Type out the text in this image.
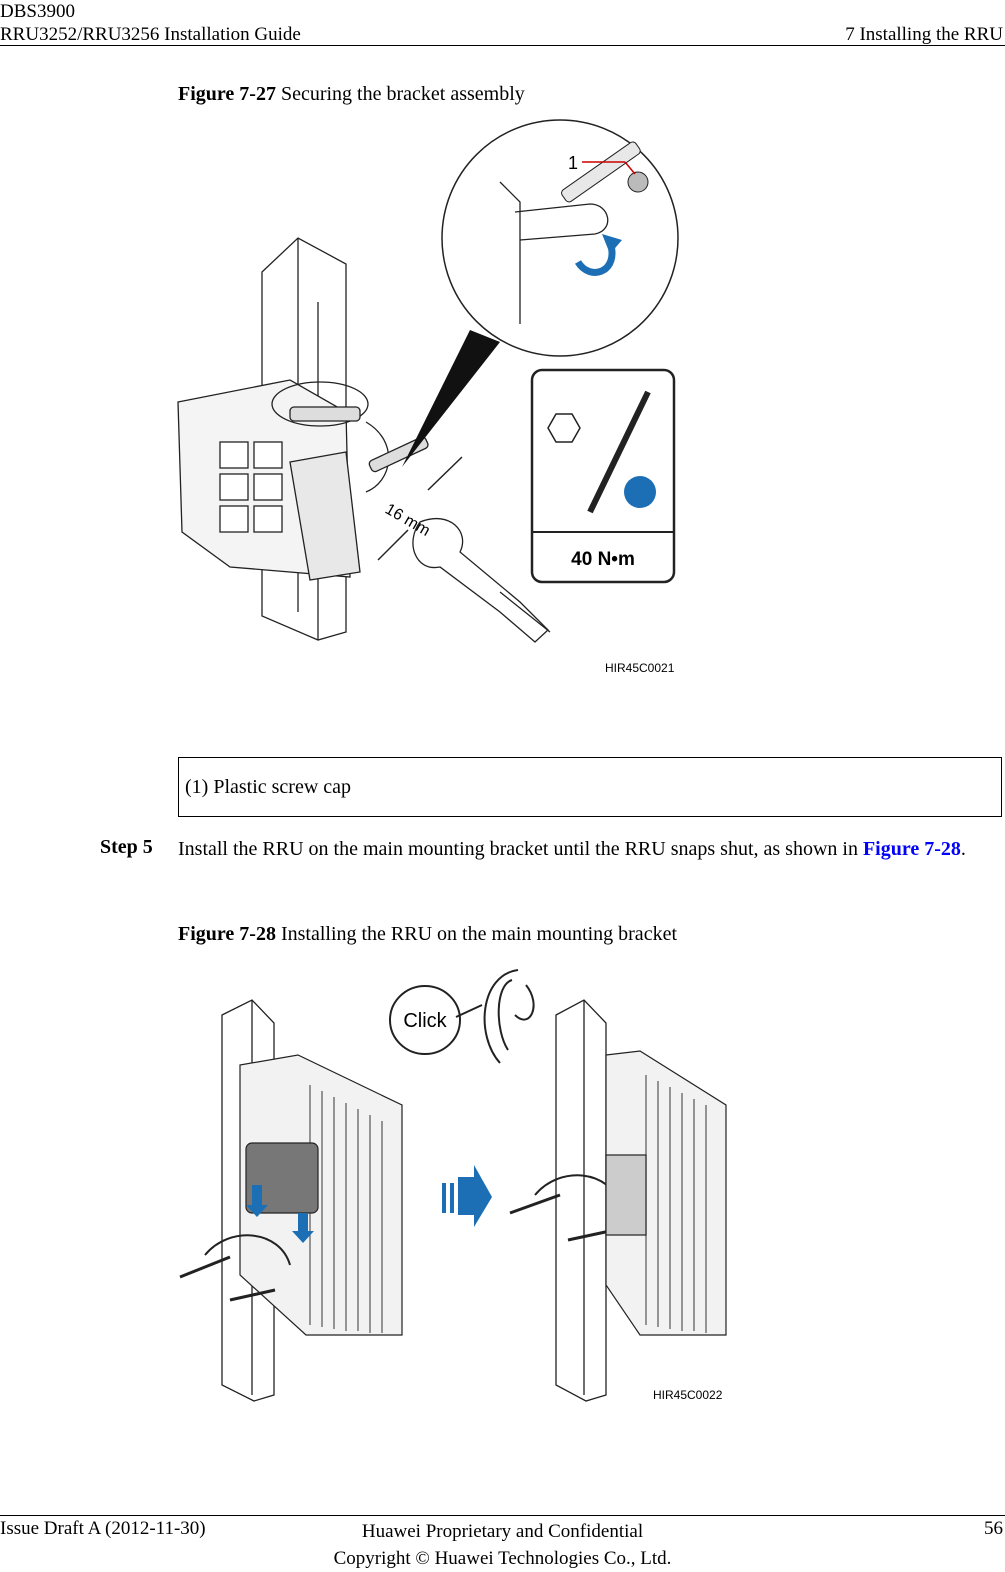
DBS3900
RRU3252/RRU3256 Installation Guide	7 Installing the RRU
Figure 7-27 Securing the bracket assembly
16 mm
1
40 N•m
HIR45C0021
(1) Plastic screw cap
Step 5 Install the RRU on the main mounting bracket until the RRU snaps shut, as shown in Figure 7-28.
Figure 7-28 Installing the RRU on the main mounting bracket
Click
HIR45C0022
Issue Draft A (2012-11-30)	Huawei Proprietary and Confidential
Copyright © Huawei Technologies Co., Ltd.
56
